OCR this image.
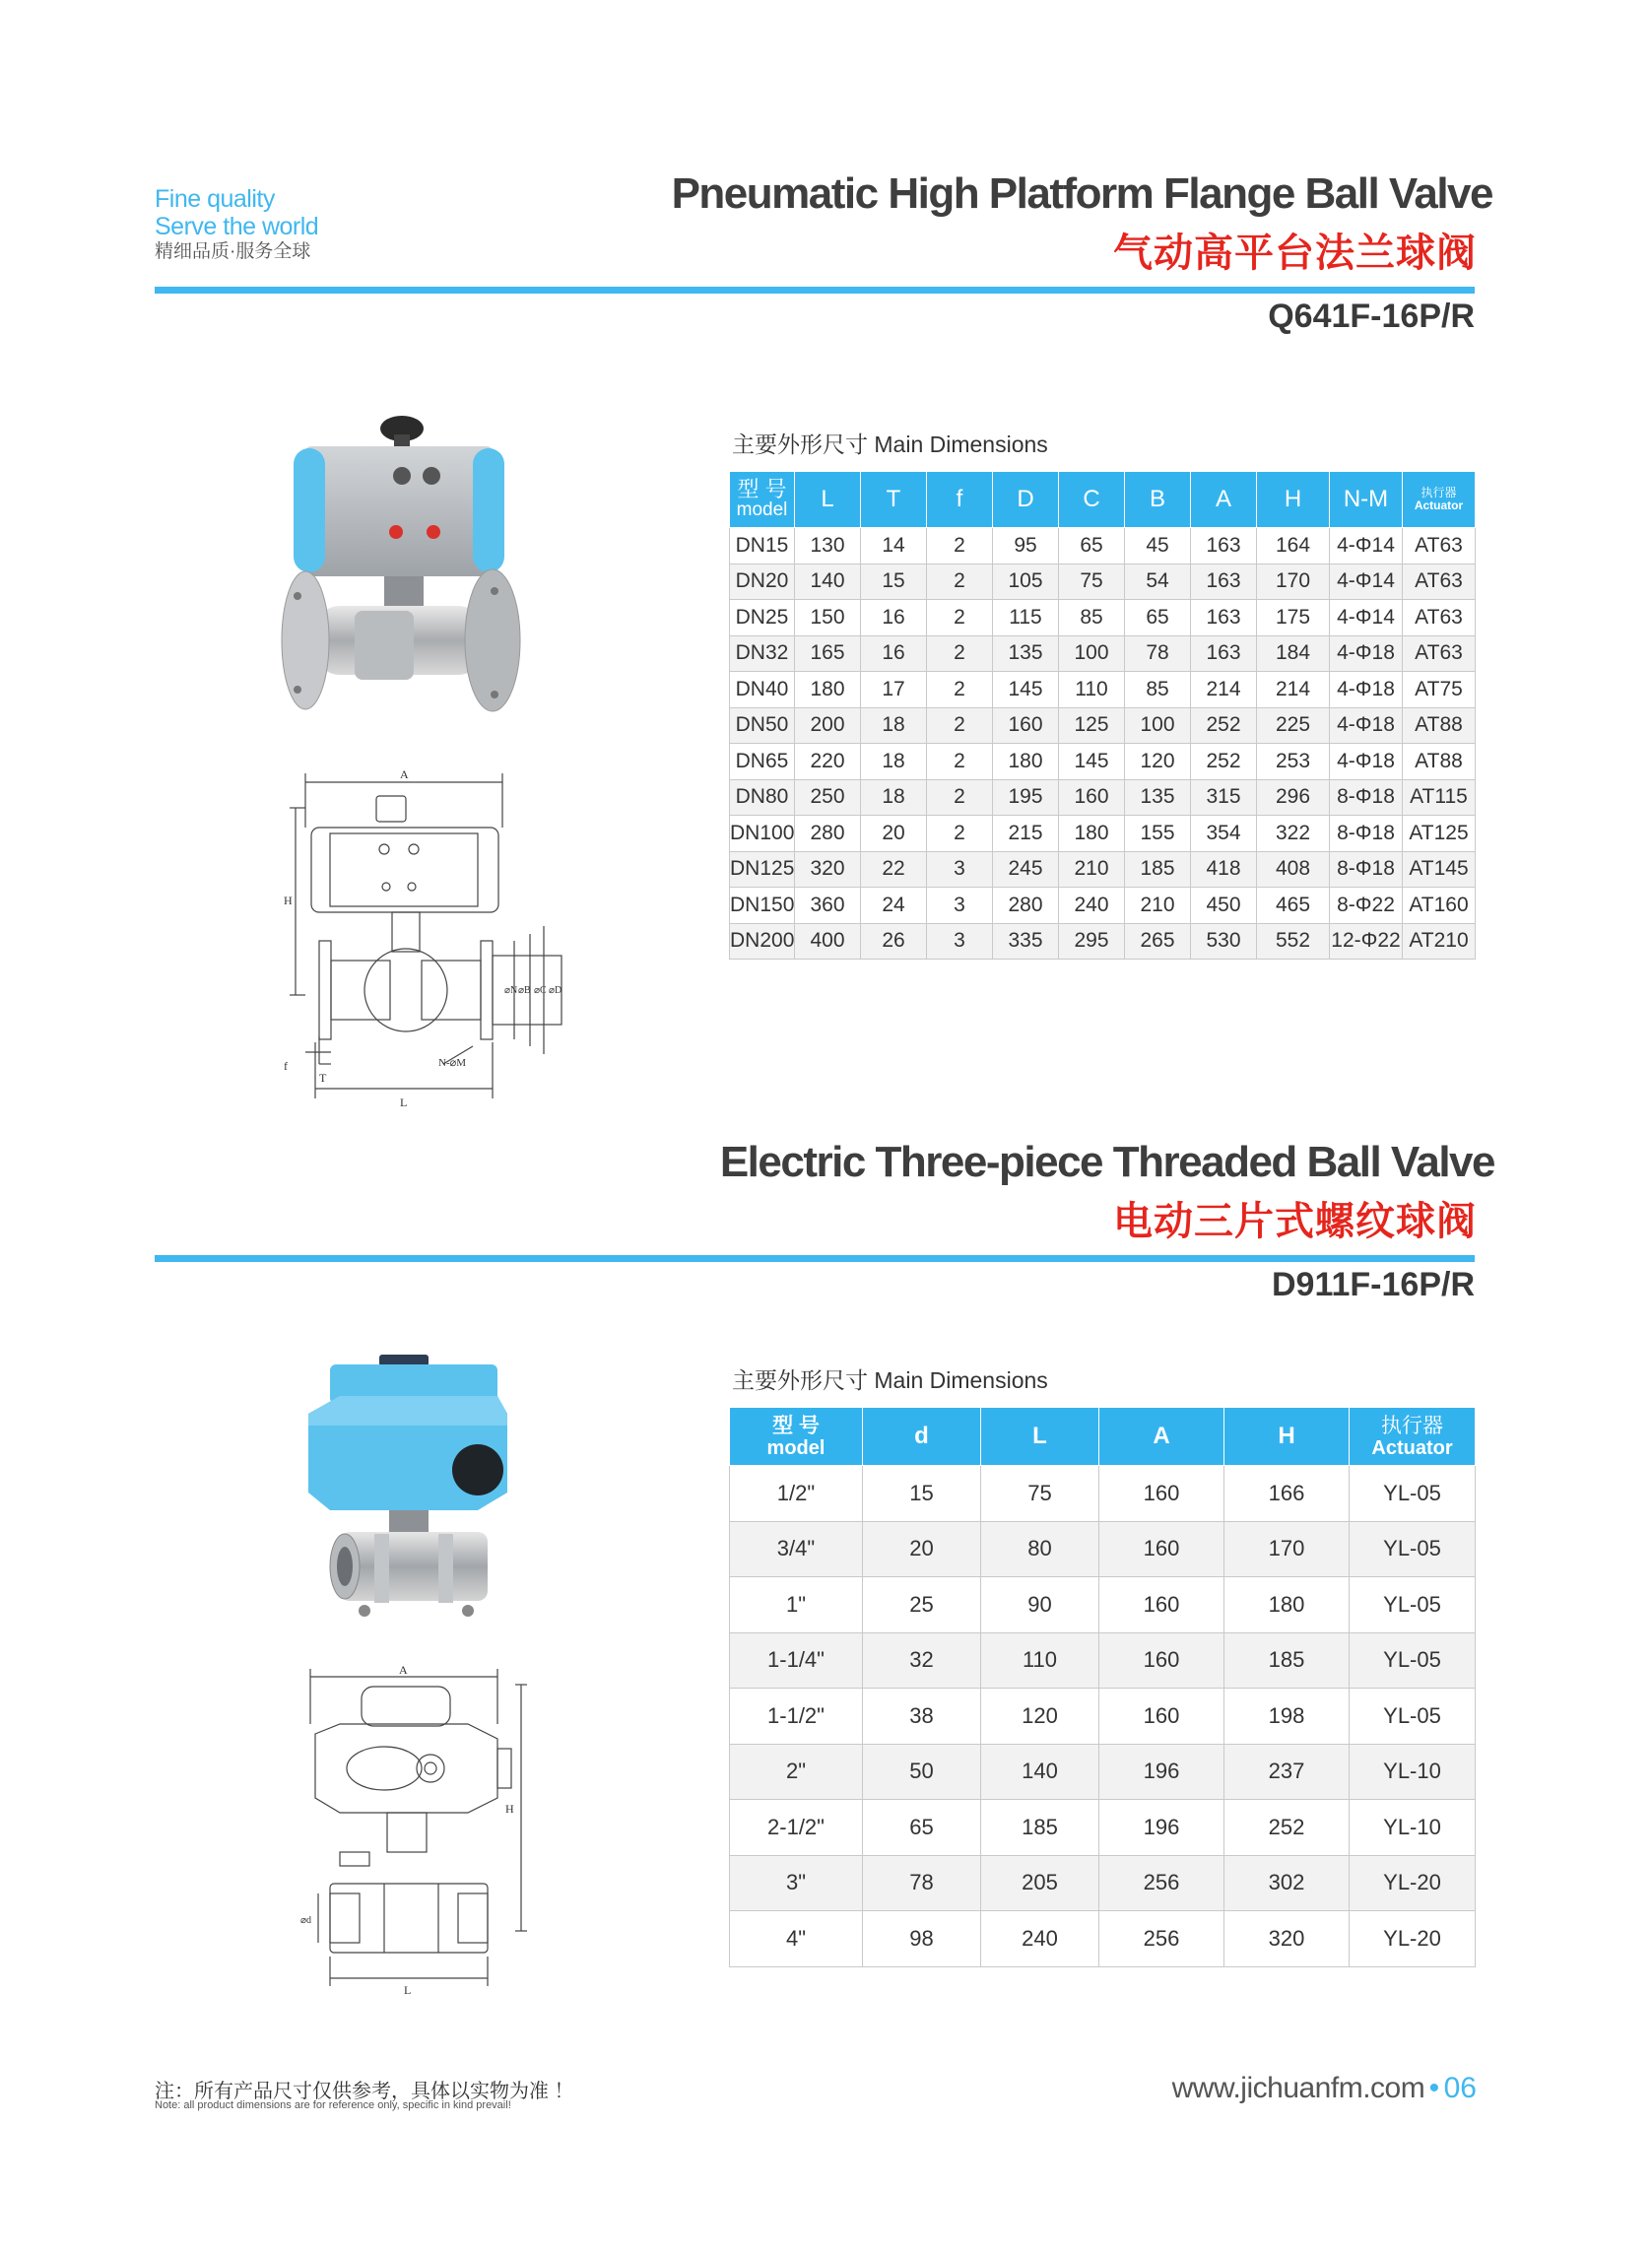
Fine quality
Serve the world
精细品质·服务全球
Pneumatic High Platform Flange Ball Valve
气动高平台法兰球阀
Q641F-16P/R
A
H
L
T
f	N-⌀M
⌀N ⌀B ⌀C ⌀D
主要外形尺寸 Main Dimensions
型 号
model	L	T	f	D	C	B	A	H	N-M	执行器
Actuator

DN15	130	14	2	95	65	45	163	164	4-Φ14	AT63
DN20	140	15	2	105	75	54	163	170	4-Φ14	AT63
DN25	150	16	2	115	85	65	163	175	4-Φ14	AT63
DN32	165	16	2	135	100	78	163	184	4-Φ18	AT63
DN40	180	17	2	145	110	85	214	214	4-Φ18	AT75
DN50	200	18	2	160	125	100	252	225	4-Φ18	AT88
DN65	220	18	2	180	145	120	252	253	4-Φ18	AT88
DN80	250	18	2	195	160	135	315	296	8-Φ18	AT115
DN100	280	20	2	215	180	155	354	322	8-Φ18	AT125
DN125	320	22	3	245	210	185	418	408	8-Φ18	AT145
DN150	360	24	3	280	240	210	450	465	8-Φ22	AT160
DN200	400	26	3	335	295	265	530	552	12-Φ22	AT210
Electric Three-piece Threaded Ball Valve
电动三片式螺纹球阀
D911F-16P/R
A
H
L
⌀d
主要外形尺寸 Main Dimensions
型 号
model	d	L	A	H	执行器
Actuator

1/2"	15	75	160	166	YL-05
3/4"	20	80	160	170	YL-05
1"	25	90	160	180	YL-05
1-1/4"	32	110	160	185	YL-05
1-1/2"	38	120	160	198	YL-05
2"	50	140	196	237	YL-10
2-1/2"	65	185	196	252	YL-10
3"	78	205	256	302	YL-20
4"	98	240	256	320	YL-20
注：所有产品尺寸仅供参考，具体以实物为准 ！
Note: all product dimensions are for reference only, specific in kind prevail!
www.jichuanfm.com • 06
